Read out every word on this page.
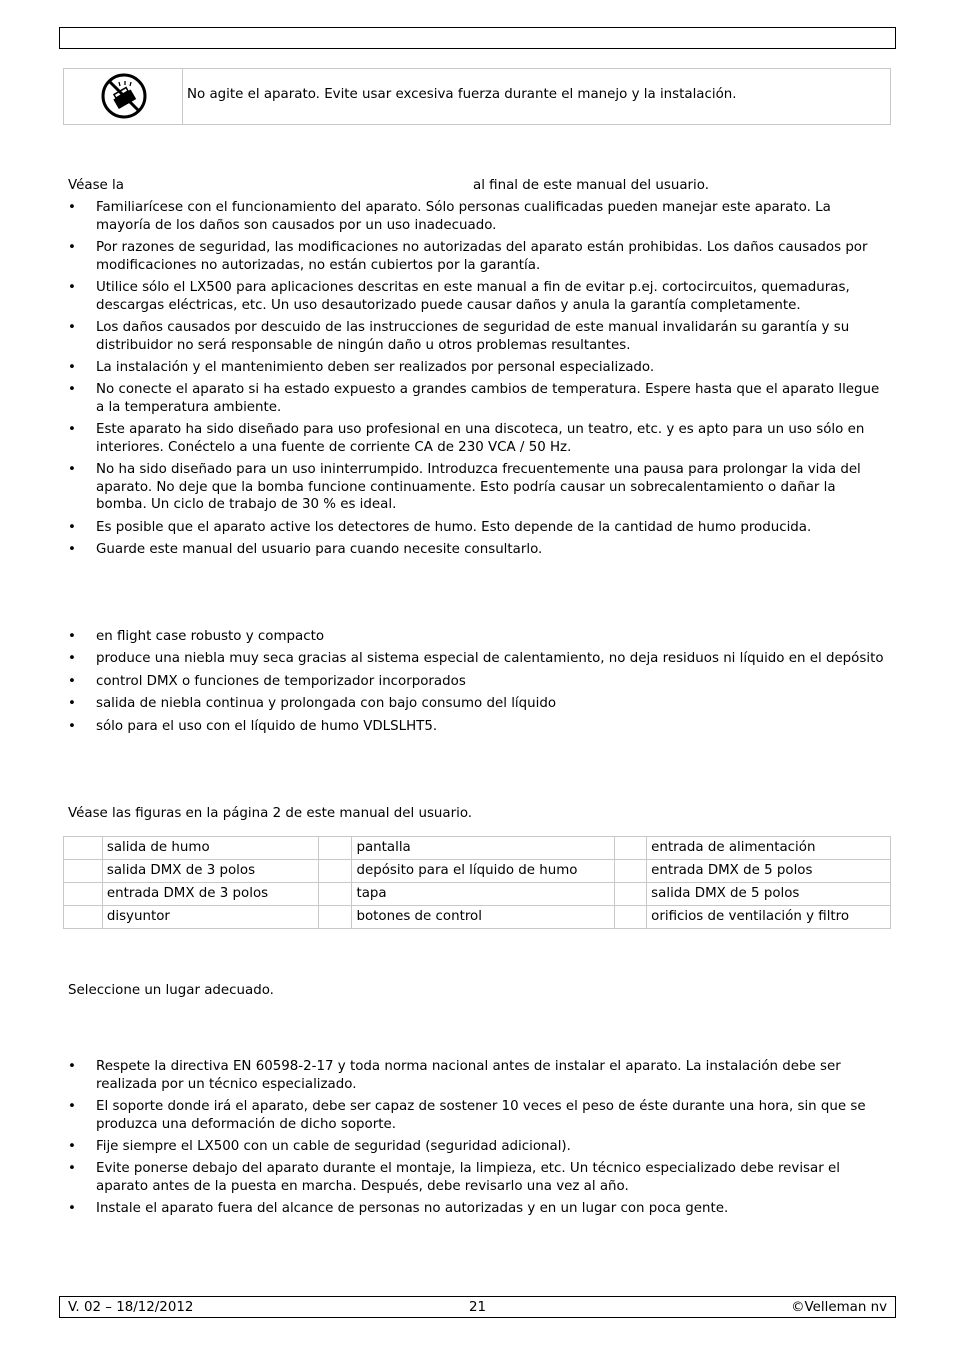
No agite el aparato. Evite usar excesiva fuerza durante el manejo y la instalación.
Véase la	al final de este manual del usuario.
• Familiarícese con el funcionamiento del aparato. Sólo personas cualificadas pueden manejar este aparato. La mayoría de los daños son causados por un uso inadecuado.
• Por razones de seguridad, las modificaciones no autorizadas del aparato están prohibidas. Los daños causados por modificaciones no autorizadas, no están cubiertos por la garantía.
• Utilice sólo el LX500 para aplicaciones descritas en este manual a fin de evitar p.ej. cortocircuitos, quemaduras, descargas eléctricas, etc. Un uso desautorizado puede causar daños y anula la garantía completamente.
• Los daños causados por descuido de las instrucciones de seguridad de este manual invalidarán su garantía y su distribuidor no será responsable de ningún daño u otros problemas resultantes.
• La instalación y el mantenimiento deben ser realizados por personal especializado.
• No conecte el aparato si ha estado expuesto a grandes cambios de temperatura. Espere hasta que el aparato llegue a la temperatura ambiente.
• Este aparato ha sido diseñado para uso profesional en una discoteca, un teatro, etc. y es apto para un uso sólo en interiores. Conéctelo a una fuente de corriente CA de 230 VCA / 50 Hz.
• No ha sido diseñado para un uso ininterrumpido. Introduzca frecuentemente una pausa para prolongar la vida del aparato. No deje que la bomba funcione continuamente. Esto podría causar un sobrecalentamiento o dañar la bomba. Un ciclo de trabajo de 30 % es ideal.
• Es posible que el aparato active los detectores de humo. Esto depende de la cantidad de humo producida.
• Guarde este manual del usuario para cuando necesite consultarlo.
• en flight case robusto y compacto
• produce una niebla muy seca gracias al sistema especial de calentamiento, no deja residuos ni líquido en el depósito
• control DMX o funciones de temporizador incorporados
• salida de niebla continua y prolongada con bajo consumo del líquido
• sólo para el uso con el líquido de humo VDLSLHT5.
Véase las figuras en la página 2 de este manual del usuario.
	salida de humo		pantalla		entrada de alimentación
	salida DMX de 3 polos		depósito para el líquido de humo		entrada DMX de 5 polos
	entrada DMX de 3 polos		tapa		salida DMX de 5 polos
	disyuntor		botones de control		orificios de ventilación y filtro
Seleccione un lugar adecuado.
• Respete la directiva EN 60598-2-17 y toda norma nacional antes de instalar el aparato. La instalación debe ser realizada por un técnico especializado.
• El soporte donde irá el aparato, debe ser capaz de sostener 10 veces el peso de éste durante una hora, sin que se produzca una deformación de dicho soporte.
• Fije siempre el LX500 con un cable de seguridad (seguridad adicional).
• Evite ponerse debajo del aparato durante el montaje, la limpieza, etc. Un técnico especializado debe revisar el aparato antes de la puesta en marcha. Después, debe revisarlo una vez al año.
• Instale el aparato fuera del alcance de personas no autorizadas y en un lugar con poca gente.
V. 02 – 18/12/2012	21	©Velleman nv
